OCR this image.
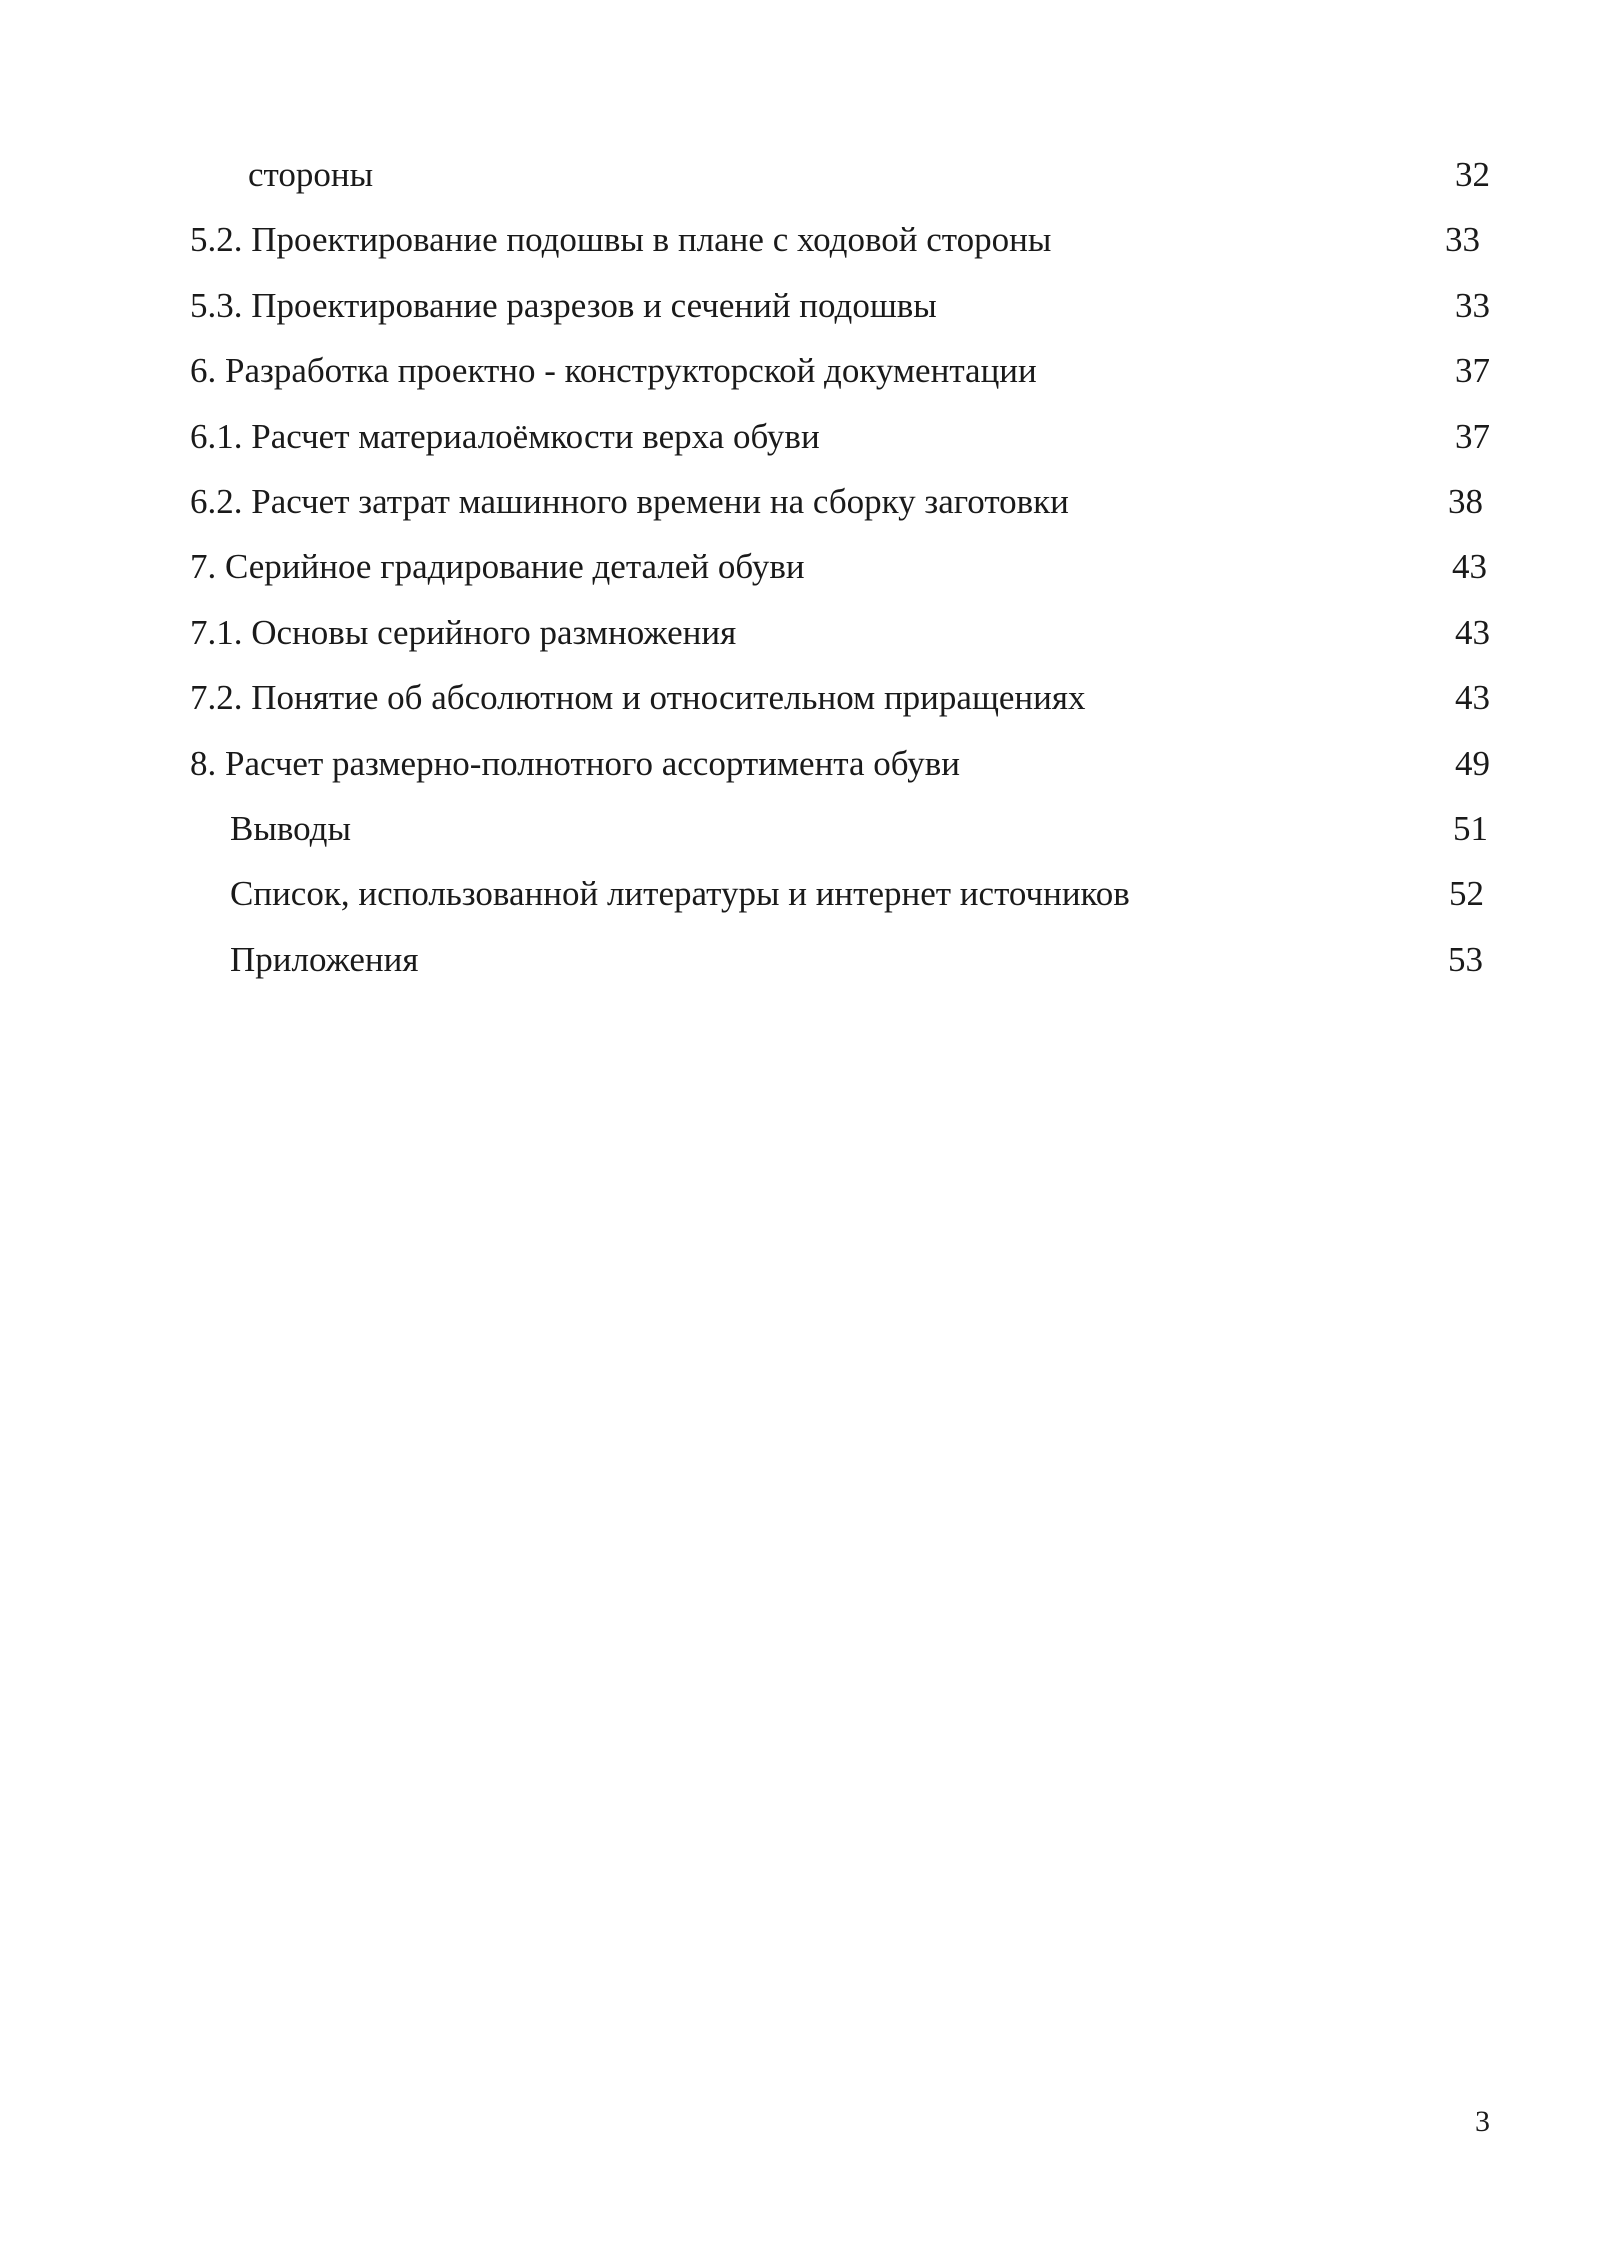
стороны	32
5.2. Проектирование подошвы в плане с ходовой стороны	33
5.3. Проектирование разрезов и сечений подошвы	33
6. Разработка проектно - конструкторской документации	37
6.1. Расчет материалоёмкости верха обуви	37
6.2. Расчет затрат машинного времени на сборку заготовки	38
7. Серийное градирование деталей обуви	43
7.1. Основы серийного размножения	43
7.2. Понятие об абсолютном и относительном приращениях	43
8. Расчет размерно-полнотного ассортимента обуви	49
Выводы	51
Список, использованной литературы и интернет источников	52
Приложения	53
3
